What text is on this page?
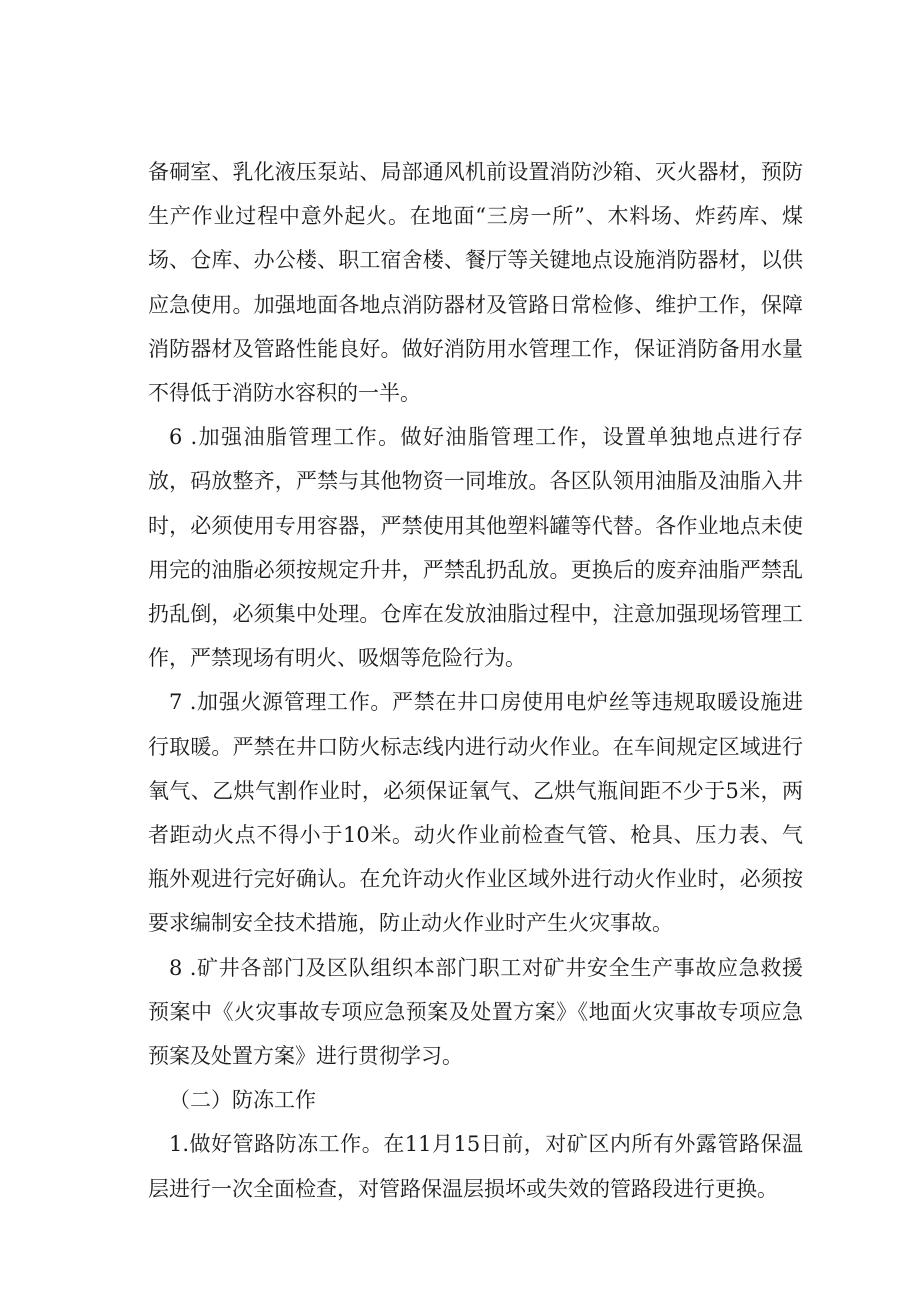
备硐室、乳化液压泵站、局部通风机前设置消防沙箱、灭火器材，预防生产作业过程中意外起火。在地面“三房一所”、木料场、炸药库、煤场、仓库、办公楼、职工宿舍楼、餐厅等关键地点设施消防器材，以供应急使用。加强地面各地点消防器材及管路日常检修、维护工作，保障消防器材及管路性能良好。做好消防用水管理工作，保证消防备用水量不得低于消防水容积的一半。

6 .加强油脂管理工作。做好油脂管理工作，设置单独地点进行存放，码放整齐，严禁与其他物资一同堆放。各区队领用油脂及油脂入井时，必须使用专用容器，严禁使用其他塑料罐等代替。各作业地点未使用完的油脂必须按规定升井，严禁乱扔乱放。更换后的废弃油脂严禁乱扔乱倒，必须集中处理。仓库在发放油脂过程中，注意加强现场管理工作，严禁现场有明火、吸烟等危险行为。

7 .加强火源管理工作。严禁在井口房使用电炉丝等违规取暖设施进行取暖。严禁在井口防火标志线内进行动火作业。在车间规定区域进行氧气、乙烘气割作业时，必须保证氧气、乙烘气瓶间距不少于5米，两者距动火点不得小于10米。动火作业前检查气管、枪具、压力表、气瓶外观进行完好确认。在允许动火作业区域外进行动火作业时，必须按要求编制安全技术措施，防止动火作业时产生火灾事故。

8 .矿井各部门及区队组织本部门职工对矿井安全生产事故应急救援预案中《火灾事故专项应急预案及处置方案》《地面火灾事故专项应急预案及处置方案》进行贯彻学习。

（二）防冻工作

1.做好管路防冻工作。在11月15日前，对矿区内所有外露管路保温层进行一次全面检查，对管路保温层损坏或失效的管路段进行更换。
